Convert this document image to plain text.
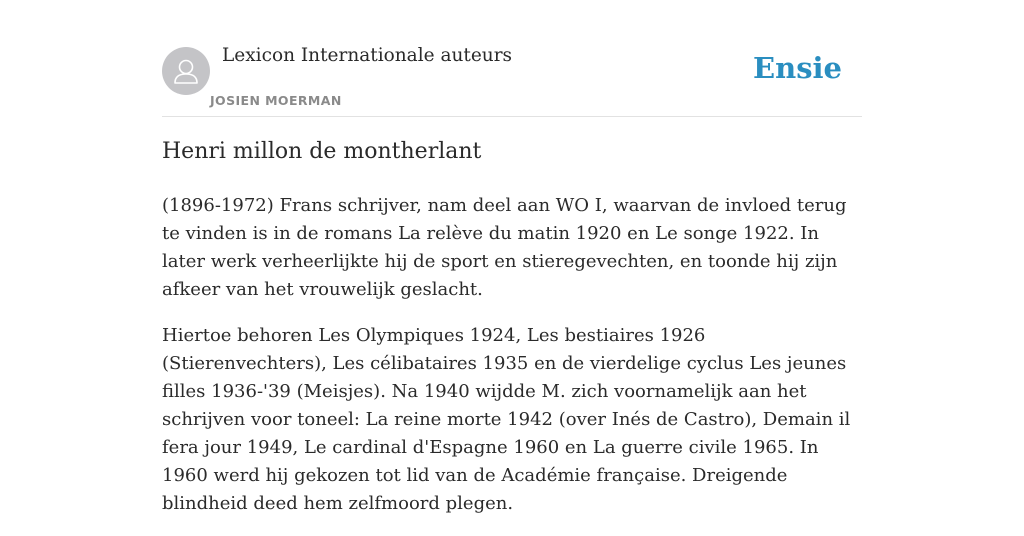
Lexicon Internationale auteurs
JOSIEN MOERMAN
Ensie
Henri millon de montherlant

(1896-1972) Frans schrijver, nam deel aan WO I, waarvan de invloed terug te vinden is in de romans La relève du matin 1920 en Le songe 1922. In later werk verheerlijkte hij de sport en stieregevechten, en toonde hij zijn afkeer van het vrouwelijk geslacht.

Hiertoe behoren Les Olympiques 1924, Les bestiaires 1926 (Stierenvechters), Les célibataires 1935 en de vierdelige cyclus Les jeunes filles 1936-'39 (Meisjes). Na 1940 wijdde M. zich voornamelijk aan het schrijven voor toneel: La reine morte 1942 (over Inés de Castro), Demain il fera jour 1949, Le cardinal d'Espagne 1960 en La guerre civile 1965. In 1960 werd hij gekozen tot lid van de Académie française. Dreigende blindheid deed hem zelfmoord plegen.
